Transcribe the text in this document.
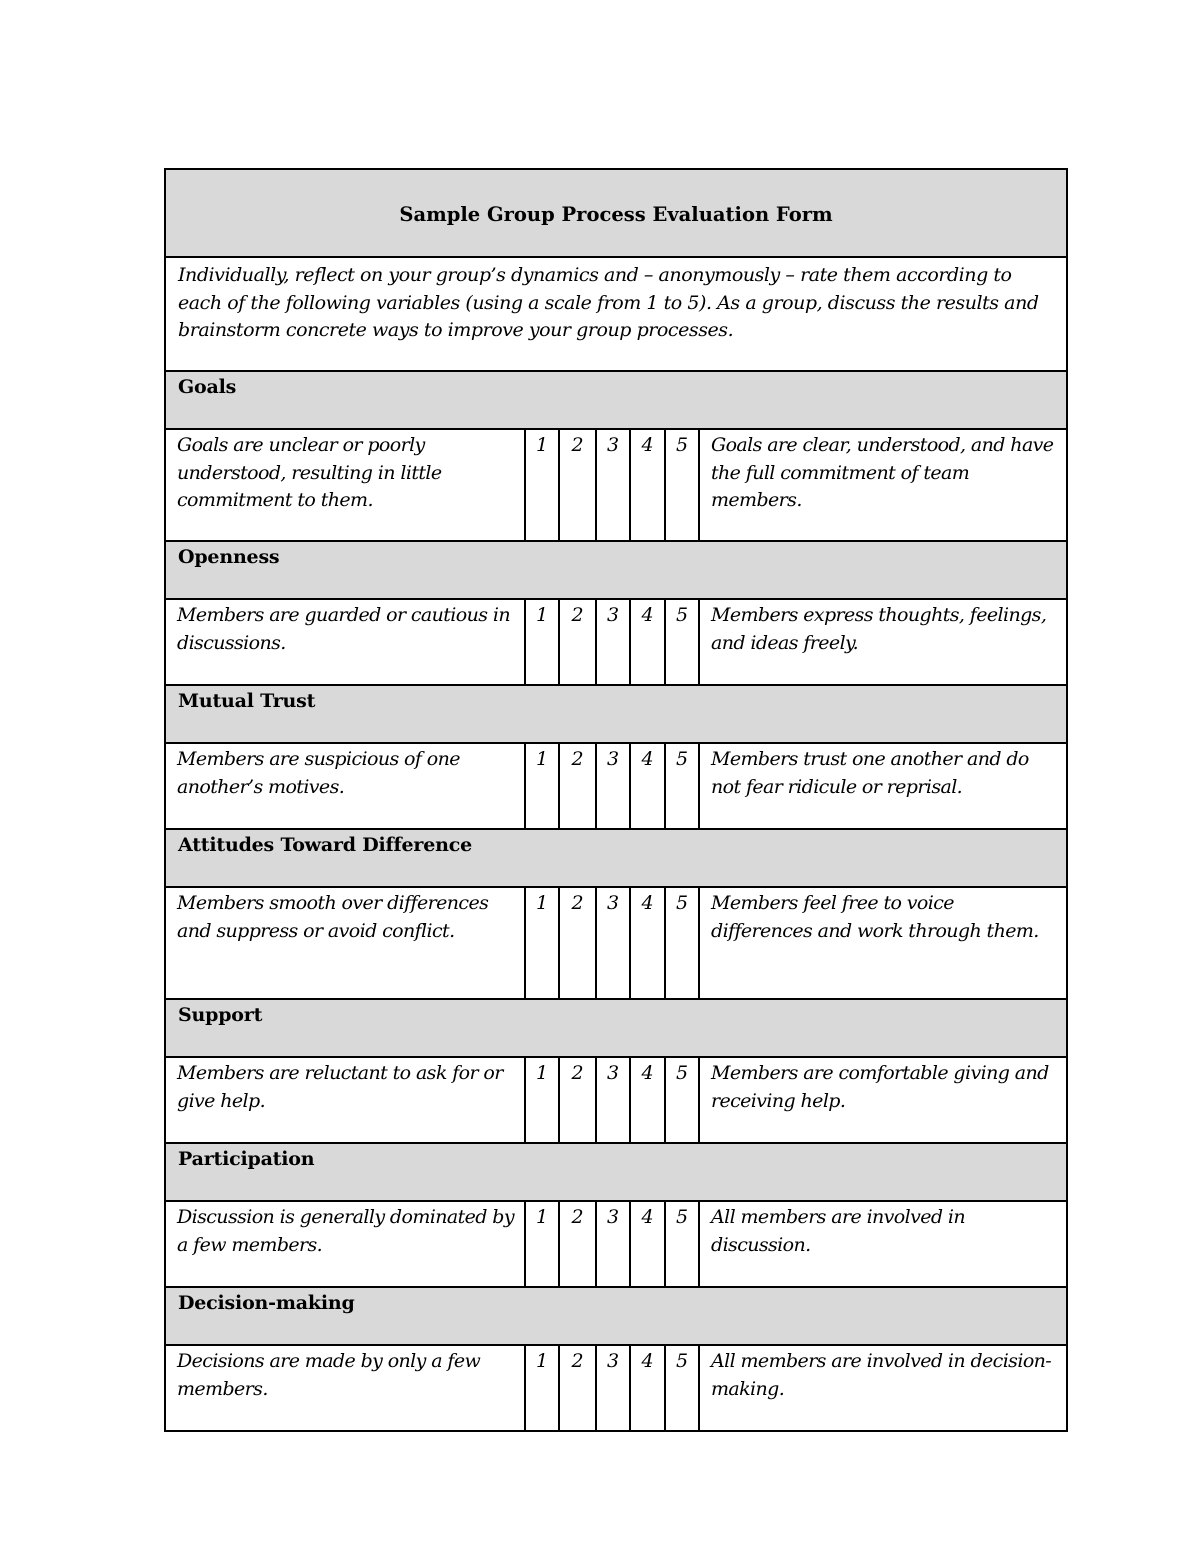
Sample Group Process Evaluation Form						
Individually, reflect on your group’s dynamics and – anonymously – rate them according to each of the following variables (using a scale from 1 to 5). As a group, discuss the results and brainstorm concrete ways to improve your group processes.						
Goals						
Goals are unclear or poorly understood, resulting in little commitment to them.	1	2	3	4	5	Goals are clear, understood, and have the full commitment of team members.
Openness						
Members are guarded or cautious in discussions.	1	2	3	4	5	Members express thoughts, feelings, and ideas freely.
Mutual Trust						
Members are suspicious of one another’s motives.	1	2	3	4	5	Members trust one another and do not fear ridicule or reprisal.
Attitudes Toward Difference						
Members smooth over differences and suppress or avoid conflict.	1	2	3	4	5	Members feel free to voice differences and work through them.
Support						
Members are reluctant to ask for or give help.	1	2	3	4	5	Members are comfortable giving and receiving help.
Participation						
Discussion is generally dominated by a few members.	1	2	3	4	5	All members are involved in discussion.
Decision-making						
Decisions are made by only a few members.	1	2	3	4	5	All members are involved in decision-making.
